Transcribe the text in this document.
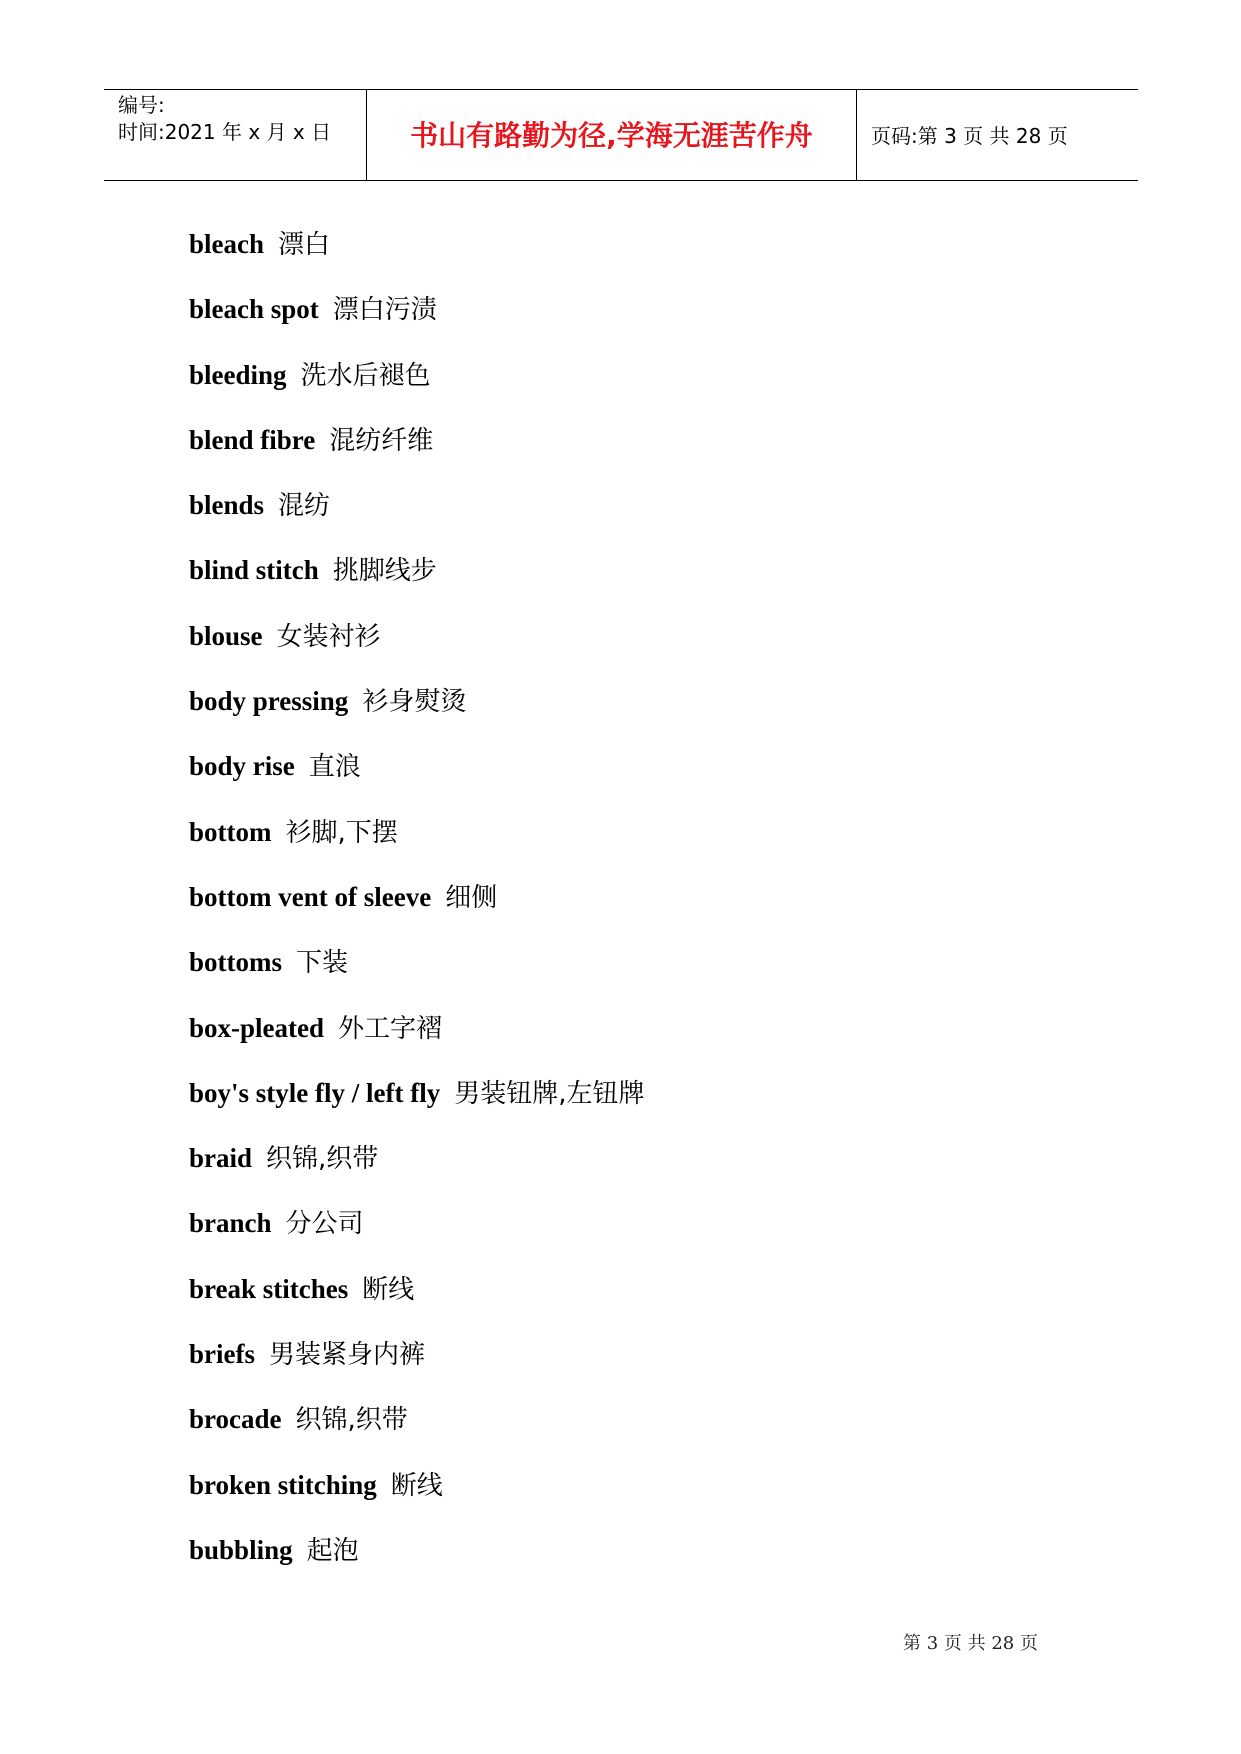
编号:
时间:2021 年 x 月 x 日	书山有路勤为径,学海无涯苦作舟	页码:第 3 页 共 28 页
bleach 漂白
bleach spot 漂白污渍
bleeding 洗水后褪色
blend fibre 混纺纤维
blends 混纺
blind stitch 挑脚线步
blouse 女装衬衫
body pressing 衫身熨烫
body rise 直浪
bottom 衫脚,下摆
bottom vent of sleeve 细侧
bottoms 下装
box-pleated 外工字褶
boy's style fly / left fly 男装钮牌,左钮牌
braid 织锦,织带
branch 分公司
break stitches 断线
briefs 男装紧身内裤
brocade 织锦,织带
broken stitching 断线
bubbling 起泡
第 3 页 共 28 页
